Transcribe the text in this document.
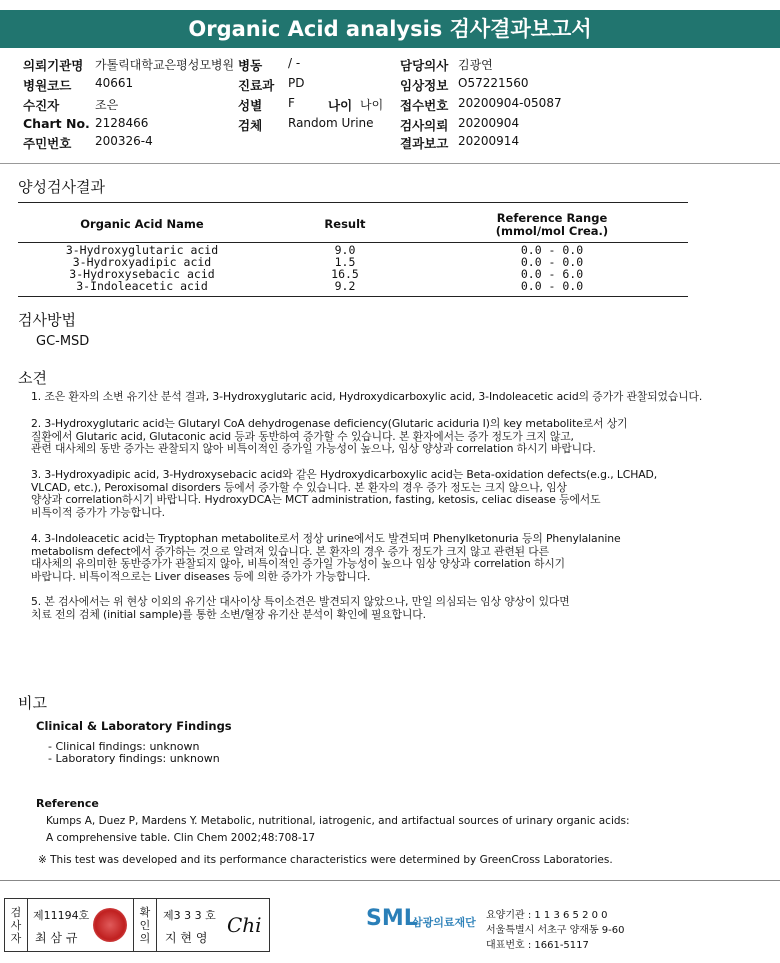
Organic Acid analysis 검사결과보고서
의뢰기관명 가톨릭대학교은평성모병원
병원코드 40661
수진자	조은
Chart No. 2128466
주민번호 200326-4
병동 / -
진료과 PD
성별 F	나이 나이
검체 Random Urine
담당의사 김광연
임상정보 O57221560
접수번호 20200904-05087
검사의뢰 20200904
결과보고 20200914
양성검사결과
Organic Acid Name	Result	Reference Range
(mmol/mol Crea.)
3-Hydroxyglutaric acid	9.0	0.0 - 0.0
3-Hydroxyadipic acid	1.5	0.0 - 0.0
3-Hydroxysebacic acid	16.5	0.0 - 6.0
3-Indoleacetic acid	9.2	0.0 - 0.0
검사방법
GC-MSD
소견
1. 조은 환자의 소변 유기산 분석 결과, 3-Hydroxyglutaric acid, Hydroxydicarboxylic acid, 3-Indoleacetic acid의 증가가 관찰되었습니다.
2. 3-Hydroxyglutaric acid는 Glutaryl CoA dehydrogenase deficiency(Glutaric aciduria I)의 key metabolite로서 상기
질환에서 Glutaric acid, Glutaconic acid 등과 동반하여 증가할 수 있습니다. 본 환자에서는 증가 정도가 크지 않고,
관련 대사체의 동반 증가는 관찰되지 않아 비특이적인 증가일 가능성이 높으나, 임상 양상과 correlation 하시기 바랍니다.
3. 3-Hydroxyadipic acid, 3-Hydroxysebacic acid와 같은 Hydroxydicarboxylic acid는 Beta-oxidation defects(e.g., LCHAD,
VLCAD, etc.), Peroxisomal disorders 등에서 증가할 수 있습니다. 본 환자의 경우 증가 정도는 크지 않으나, 임상
양상과 correlation하시기 바랍니다. HydroxyDCA는 MCT administration, fasting, ketosis, celiac disease 등에서도
비특이적 증가가 가능합니다.
4. 3-Indoleacetic acid는 Tryptophan metabolite로서 정상 urine에서도 발견되며 Phenylketonuria 등의 Phenylalanine
metabolism defect에서 증가하는 것으로 알려져 있습니다. 본 환자의 경우 증가 정도가 크지 않고 관련된 다른
대사체의 유의미한 동반증가가 관찰되지 않아, 비특이적인 증가일 가능성이 높으나 임상 양상과 correlation 하시기
바랍니다. 비특이적으로는 Liver diseases 등에 의한 증가가 가능합니다.
5. 본 검사에서는 위 현상 이외의 유기산 대사이상 특이소견은 발견되지 않았으나, 만일 의심되는 임상 양상이 있다면
치료 전의 검체 (initial sample)를 통한 소변/혈장 유기산 분석이 확인에 필요합니다.
비고
Clinical & Laboratory Findings
- Clinical findings: unknown
- Laboratory findings: unknown
Reference
Kumps A, Duez P, Mardens Y. Metabolic, nutritional, iatrogenic, and artifactual sources of urinary organic acids:
A comprehensive table. Clin Chem 2002;48:708-17
※ This test was developed and its performance characteristics were determined by GreenCross Laboratories.
검
사
자
제11194호
최 삼 규
확
인
의
제3 3 3 호
지 현 영
Chi	SML
삼광의료재단
요양기관 : 1 1 3 6 5 2 0 0
서울특별시 서초구 양재동 9-60
대표번호 : 1661-5117
